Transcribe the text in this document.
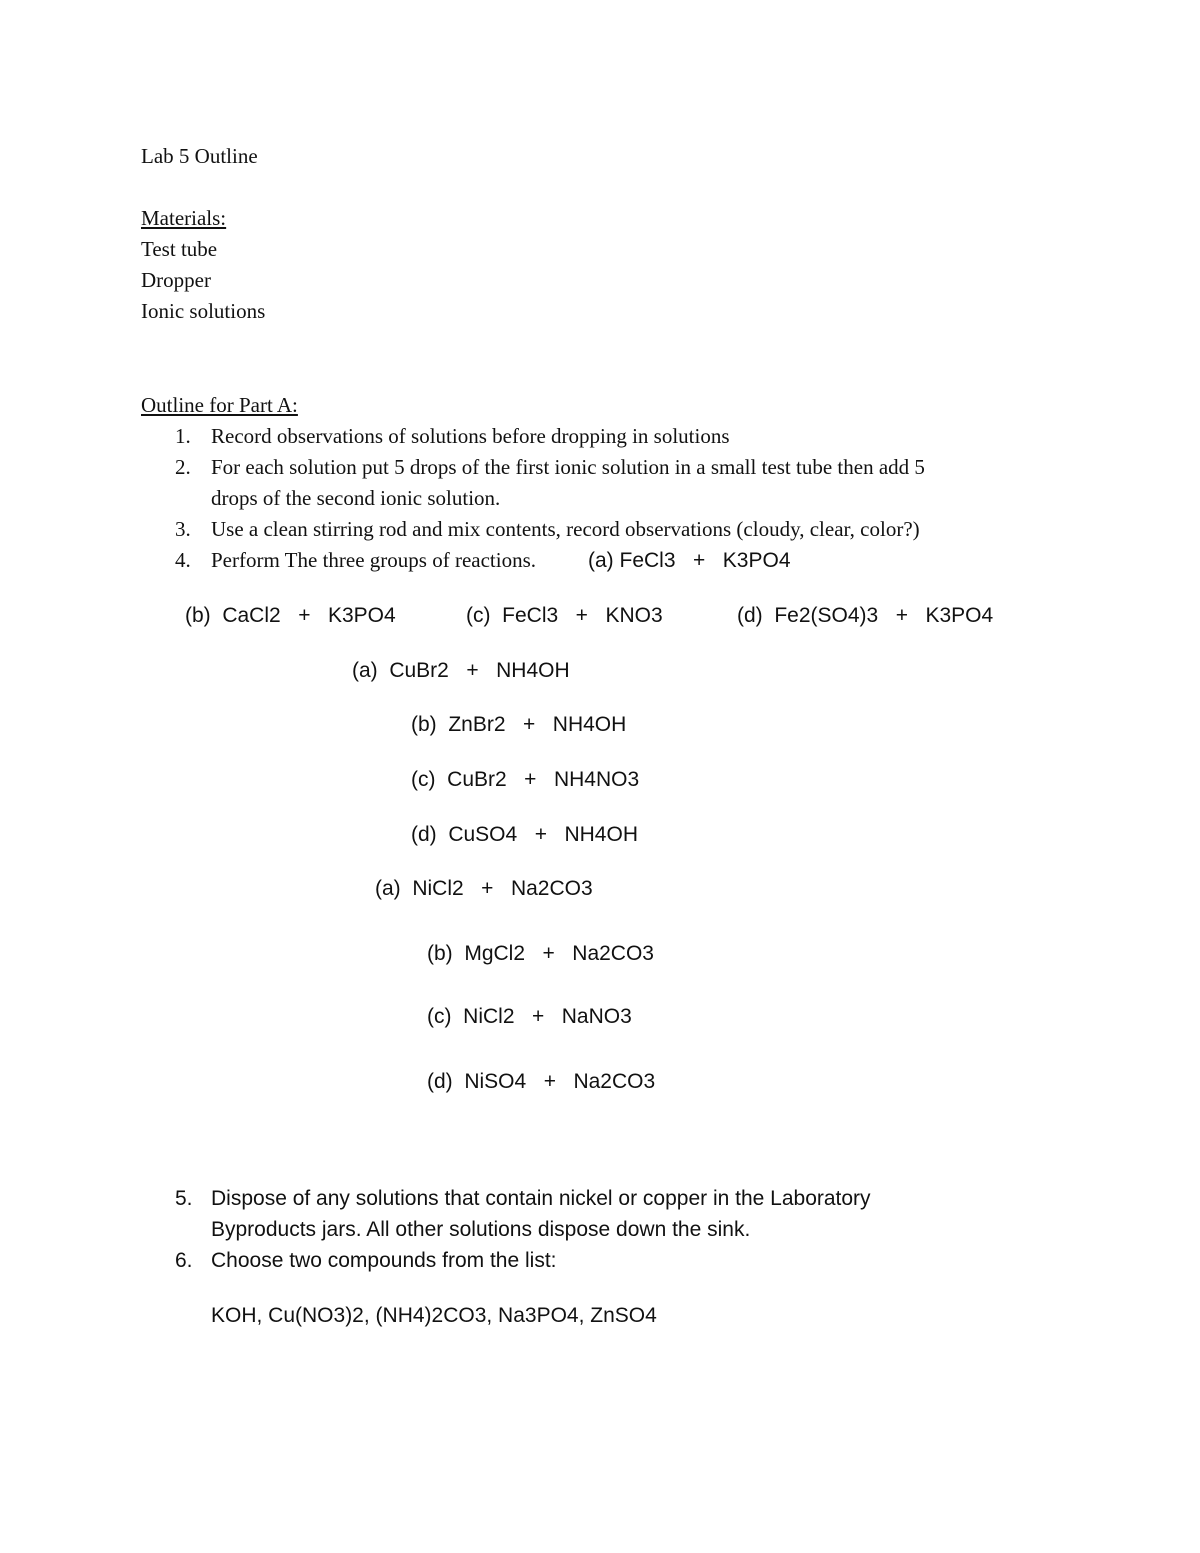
Lab 5 Outline
Materials:
Test tube
Dropper
Ionic solutions
Outline for Part A:
1. Record observations of solutions before dropping in solutions
2. For each solution put 5 drops of the first ionic solution in a small test tube then add 5
drops of the second ionic solution.
3. Use a clean stirring rod and mix contents, record observations (cloudy, clear, color?)
4. Perform The three groups of reactions. (a) FeCl3   +   K3PO4
(b)  CaCl2   +   K3PO4	(c)  FeCl3   +   KNO3	(d)  Fe2(SO4)3   +   K3PO4
(a)  CuBr2   +   NH4OH
(b)  ZnBr2   +   NH4OH
(c)  CuBr2   +   NH4NO3
(d)  CuSO4   +   NH4OH
(a)  NiCl2   +   Na2CO3
(b)  MgCl2   +   Na2CO3
(c)  NiCl2   +   NaNO3
(d)  NiSO4   +   Na2CO3
5. Dispose of any solutions that contain nickel or copper in the Laboratory
Byproducts jars. All other solutions dispose down the sink.
6. Choose two compounds from the list:
KOH, Cu(NO3)2, (NH4)2CO3, Na3PO4, ZnSO4
